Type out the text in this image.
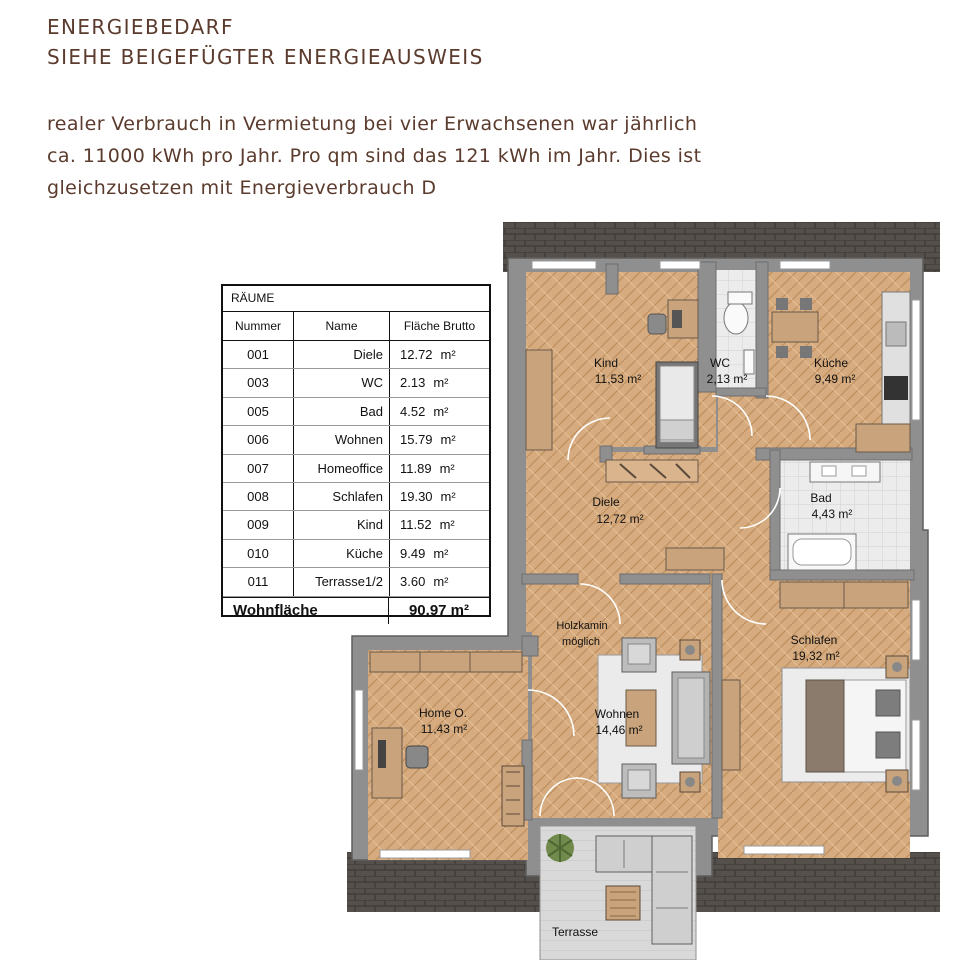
ENERGIEBEDARF
SIEHE BEIGEFÜGTER ENERGIEAUSWEIS
realer Verbrauch in Vermietung bei vier Erwachsenen war jährlich
ca. 11000 kWh pro Jahr. Pro qm sind das 121 kWh im Jahr. Dies ist
gleichzusetzen mit Energieverbrauch D
Kind
11,53 m²
WC
2,13 m²
Küche
9,49 m²
Diele
12,72 m²
Bad
4,43 m²
Holzkamin
möglich	Schlafen
19,32 m²
Home O.
11,43 m²
Wohnen
14,46 m²
Terrasse
RÄUME
Nummer	Name	Fläche Brutto
001	Diele	12.72 m²
003	WC	2.13 m²
005	Bad	4.52 m²
006	Wohnen	15.79 m²
007	Homeoffice	11.89 m²
008	Schlafen	19.30 m²
009	Kind	11.52 m²
010	Küche	9.49 m²
011	Terrasse1/2	3.60 m²
Wohnfläche	90.97 m²
